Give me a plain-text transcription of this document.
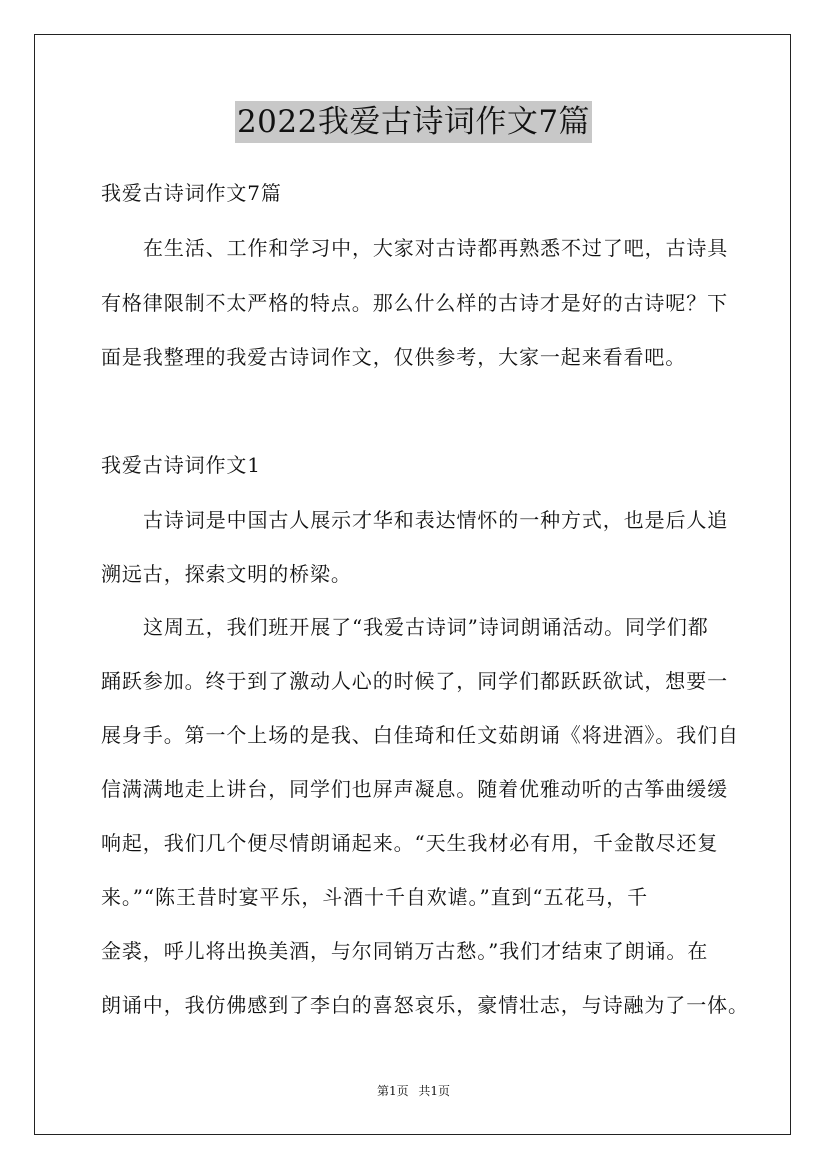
2022我爱古诗词作文7篇
我爱古诗词作文7篇
在生活、工作和学习中，大家对古诗都再熟悉不过了吧，古诗具
有格律限制不太严格的特点。那么什么样的古诗才是好的古诗呢？下
面是我整理的我爱古诗词作文，仅供参考，大家一起来看看吧。
我爱古诗词作文1
古诗词是中国古人展示才华和表达情怀的一种方式，也是后人追
溯远古，探索文明的桥梁。
这周五，我们班开展了“我爱古诗词”诗词朗诵活动。同学们都
踊跃参加。终于到了激动人心的时候了，同学们都跃跃欲试，想要一
展身手。第一个上场的是我、白佳琦和任文茹朗诵《将进酒》。我们自
信满满地走上讲台，同学们也屏声凝息。随着优雅动听的古筝曲缓缓
响起，我们几个便尽情朗诵起来。“天生我材必有用，千金散尽还复
来。”“陈王昔时宴平乐，斗酒十千自欢谑。”直到“五花马，千
金裘，呼儿将出换美酒，与尔同销万古愁。”我们才结束了朗诵。在
朗诵中，我仿佛感到了李白的喜怒哀乐，豪情壮志，与诗融为了一体。
第1页 共1页
